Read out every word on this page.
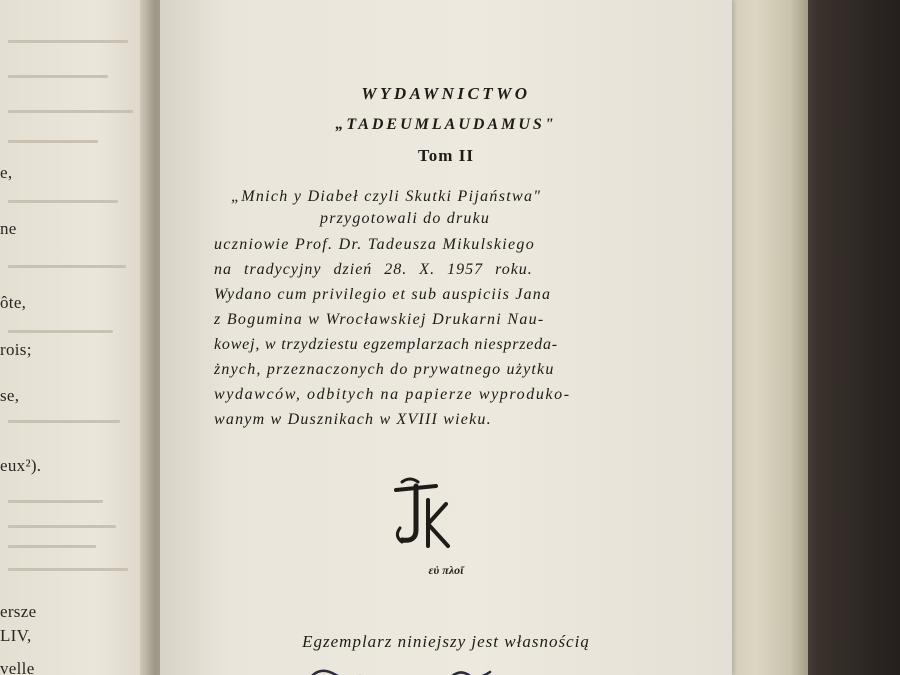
e,
ne
ôte,
rois;
se,
eux²).
ersze
LIV,
velle
WYDAWNICTWO
„TADEUMLAUDAMUS"
Tom II
„Mnich y Diabeł czyli Skutki Pijaństwa"
przygotowali do druku
uczniowie Prof. Dr. Tadeusza Mikulskiego
na tradycyjny dzień 28. X. 1957 roku.
Wydano cum privilegio et sub auspiciis Jana
z Bogumina w Wrocławskiej Drukarni Nau-
kowej, w trzydziestu egzemplarzach niesprzeda-
żnych, przeznaczonych do prywatnego użytku
wydawców, odbitych na papierze wyproduko-
wanym w Dusznikach w XVIII wieku.
εὐ πλοῖ
Egzemplarz niniejszy jest własnością
